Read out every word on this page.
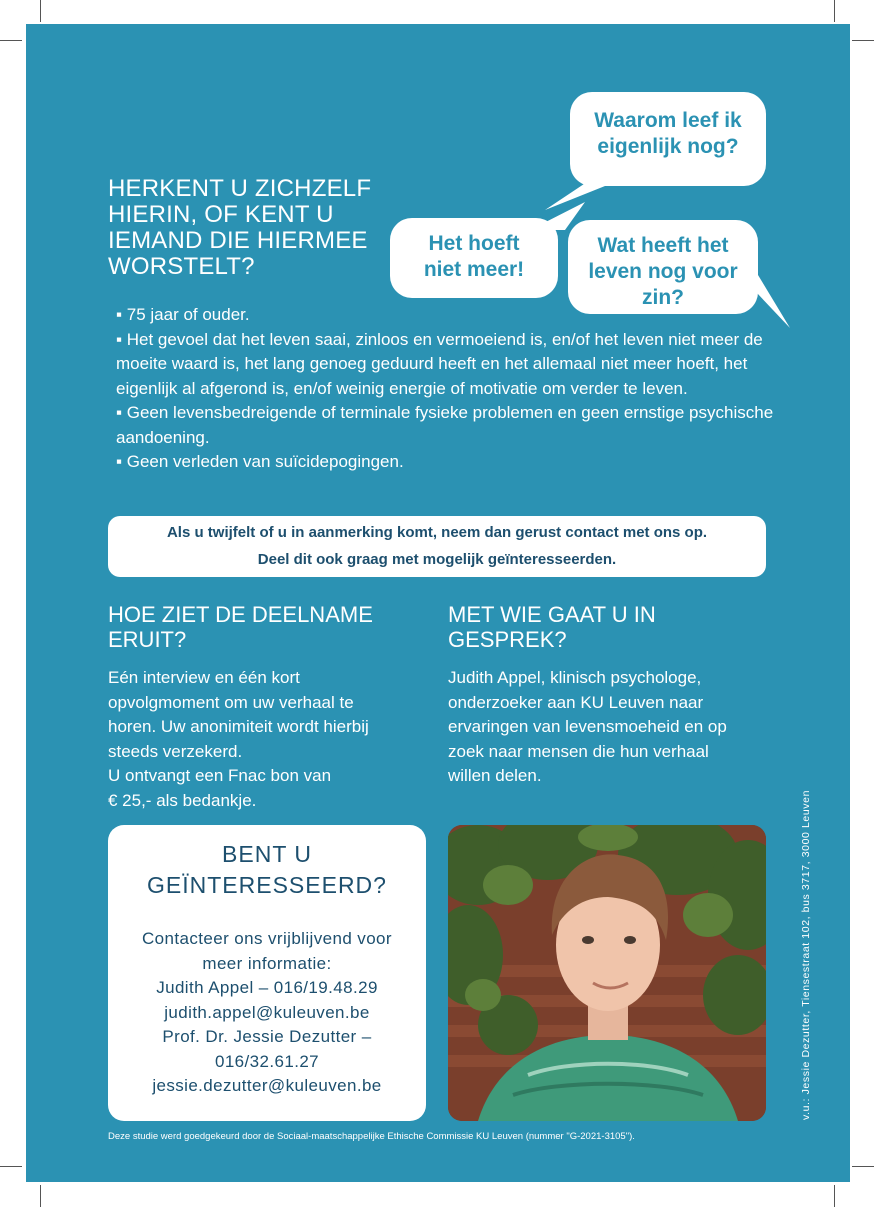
HERKENT U ZICHZELF
HIERIN, OF KENT U
IEMAND DIE HIERMEE
WORSTELT?
Waarom leef ik
eigenlijk nog?
Het hoeft
niet meer!
Wat heeft het
leven nog voor
zin?

▪ 75 jaar of ouder.

▪ Het gevoel dat het leven saai, zinloos en vermoeiend is, en/of het leven niet meer de moeite waard is, het lang genoeg geduurd heeft en het allemaal niet meer hoeft, het eigenlijk al afgerond is, en/of weinig energie of motivatie om verder te leven.

▪ Geen levensbedreigende of terminale fysieke problemen en geen ernstige psychische aandoening.

▪ Geen verleden van suïcidepogingen.

Als u twijfelt of u in aanmerking komt, neem dan gerust contact met ons op.
Deel dit ook graag met mogelijk geïnteresseerden.
HOE ZIET DE DEELNAME
ERUIT?
Eén interview en één kort
opvolgmoment om uw verhaal te
horen. Uw anonimiteit wordt hierbij
steeds verzekerd.
U ontvangt een Fnac bon van
€ 25,- als bedankje.
MET WIE GAAT U IN
GESPREK?
Judith Appel, klinisch psychologe,
onderzoeker aan KU Leuven naar
ervaringen van levensmoeheid en op
zoek naar mensen die hun verhaal
willen delen.
BENT U
GEÏNTERESSEERD?
Contacteer ons vrijblijvend voor
meer informatie:
Judith Appel – 016/19.48.29
judith.appel@kuleuven.be
Prof. Dr. Jessie Dezutter –
016/32.61.27
jessie.dezutter@kuleuven.be	v.u.: Jessie Dezutter, Tiensestraat 102, bus 3717, 3000 Leuven
Deze studie werd goedgekeurd door de Sociaal-maatschappelijke Ethische Commissie KU Leuven (nummer "G-2021-3105").
